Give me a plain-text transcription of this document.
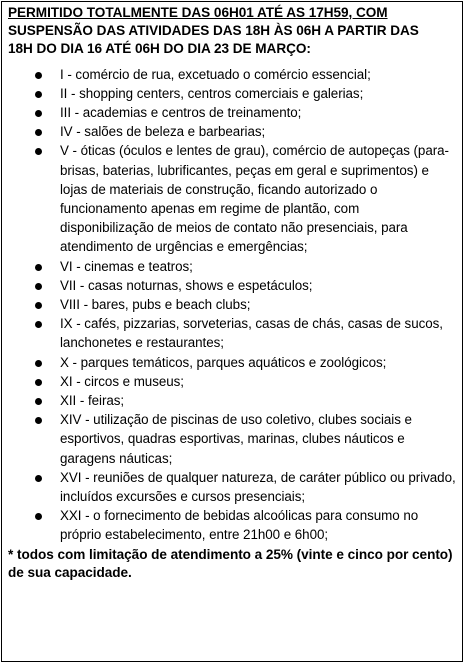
PERMITIDO TOTALMENTE DAS 06H01 ATÉ AS 17H59, COM
SUSPENSÃO DAS ATIVIDADES DAS 18H ÀS 06H A PARTIR DAS
18H DO DIA 16 ATÉ 06H DO DIA 23 DE MARÇO:
I - comércio de rua, excetuado o comércio essencial;
II - shopping centers, centros comerciais e galerias;
III - academias e centros de treinamento;
IV - salões de beleza e barbearias;
V - óticas (óculos e lentes de grau), comércio de autopeças (para-brisas, baterias, lubrificantes, peças em geral e suprimentos) e lojas de materiais de construção, ficando autorizado o funcionamento apenas em regime de plantão, com disponibilização de meios de contato não presenciais, para atendimento de urgências e emergências;
VI - cinemas e teatros;
VII - casas noturnas, shows e espetáculos;
VIII - bares, pubs e beach clubs;
IX - cafés, pizzarias, sorveterias, casas de chás, casas de sucos, lanchonetes e restaurantes;
X - parques temáticos, parques aquáticos e zoológicos;
XI - circos e museus;
XII - feiras;
XIV - utilização de piscinas de uso coletivo, clubes sociais e esportivos, quadras esportivas, marinas, clubes náuticos e garagens náuticas;
XVI - reuniões de qualquer natureza, de caráter público ou privado, incluídos excursões e cursos presenciais;
XXI - o fornecimento de bebidas alcoólicas para consumo no próprio estabelecimento, entre 21h00 e 6h00;
* todos com limitação de atendimento a 25% (vinte e cinco por cento) de sua capacidade.
